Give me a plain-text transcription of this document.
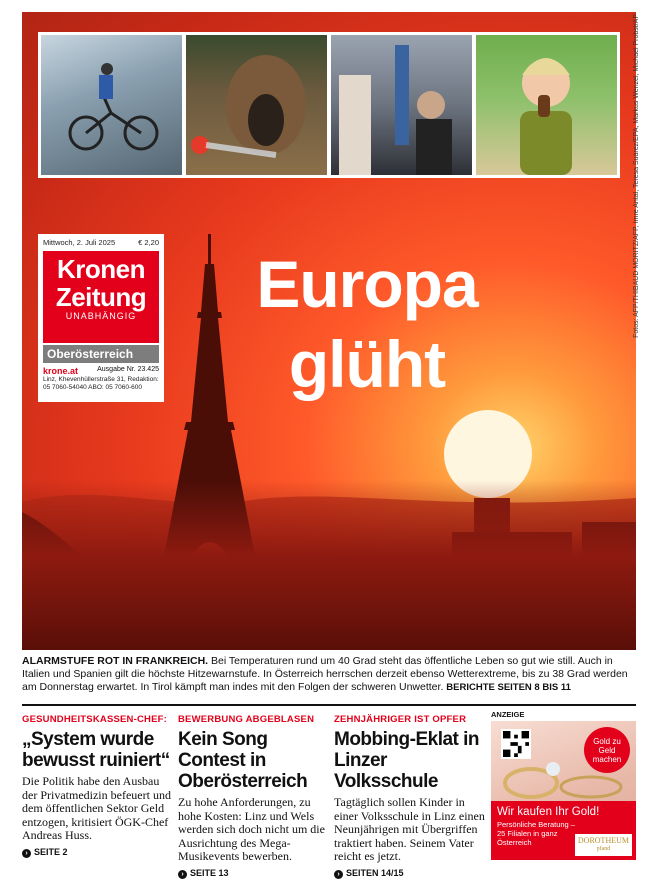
Europa
glüht
Fotos: AFP/THIBAUD MORITZ/AFP, Imre Antal, Teresa Suárez/EPA, Markus Wenzel, Michael Probst/AP
Mittwoch, 2. Juli 2025	€ 2,20
Kronen
Zeitung
UNABHÄNGIG
Oberösterreich
krone.at	Ausgabe Nr. 23.425
Linz, Khevenhüllerstraße 31, Redaktion: 05 7060-54040 ABO: 05 7060-600
ALARMSTUFE ROT IN FRANKREICH. Bei Temperaturen rund um 40 Grad steht das öffentliche Leben so gut wie still. Auch in Italien und Spanien gilt die höchste Hitzewarnstufe. In Österreich herrschen derzeit ebenso Wetterextreme, bis zu 38 Grad werden am Donnerstag erwartet. In Tirol kämpft man indes mit den Folgen der schweren Unwetter. BERICHTE SEITEN 8 BIS 11
GESUNDHEITSKASSEN-CHEF:
„System wurde bewusst ruiniert“
Die Politik habe den Ausbau der Privatmedizin befeuert und dem öffentlichen Sektor Geld entzogen, kritisiert ÖGK-Chef Andreas Huss.
› SEITE 2
BEWERBUNG ABGEBLASEN
Kein Song Contest in Oberösterreich
Zu hohe Anforderungen, zu hohe Kosten: Linz und Wels werden sich doch nicht um die Ausrichtung des Mega-Musikevents bewerben.
› SEITE 13
ZEHNJÄHRIGER IST OPFER
Mobbing-Eklat in Linzer Volksschule
Tagtäglich sollen Kinder in einer Volksschule in Linz einen Neunjährigen mit Übergriffen traktiert haben. Seinem Vater reicht es jetzt.
› SEITEN 14/15
ANZEIGE
Gold zu Geld machen
Wir kaufen Ihr Gold!
Persönliche Beratung – 25 Filialen in ganz Österreich	DOROTHEUM
pfand
